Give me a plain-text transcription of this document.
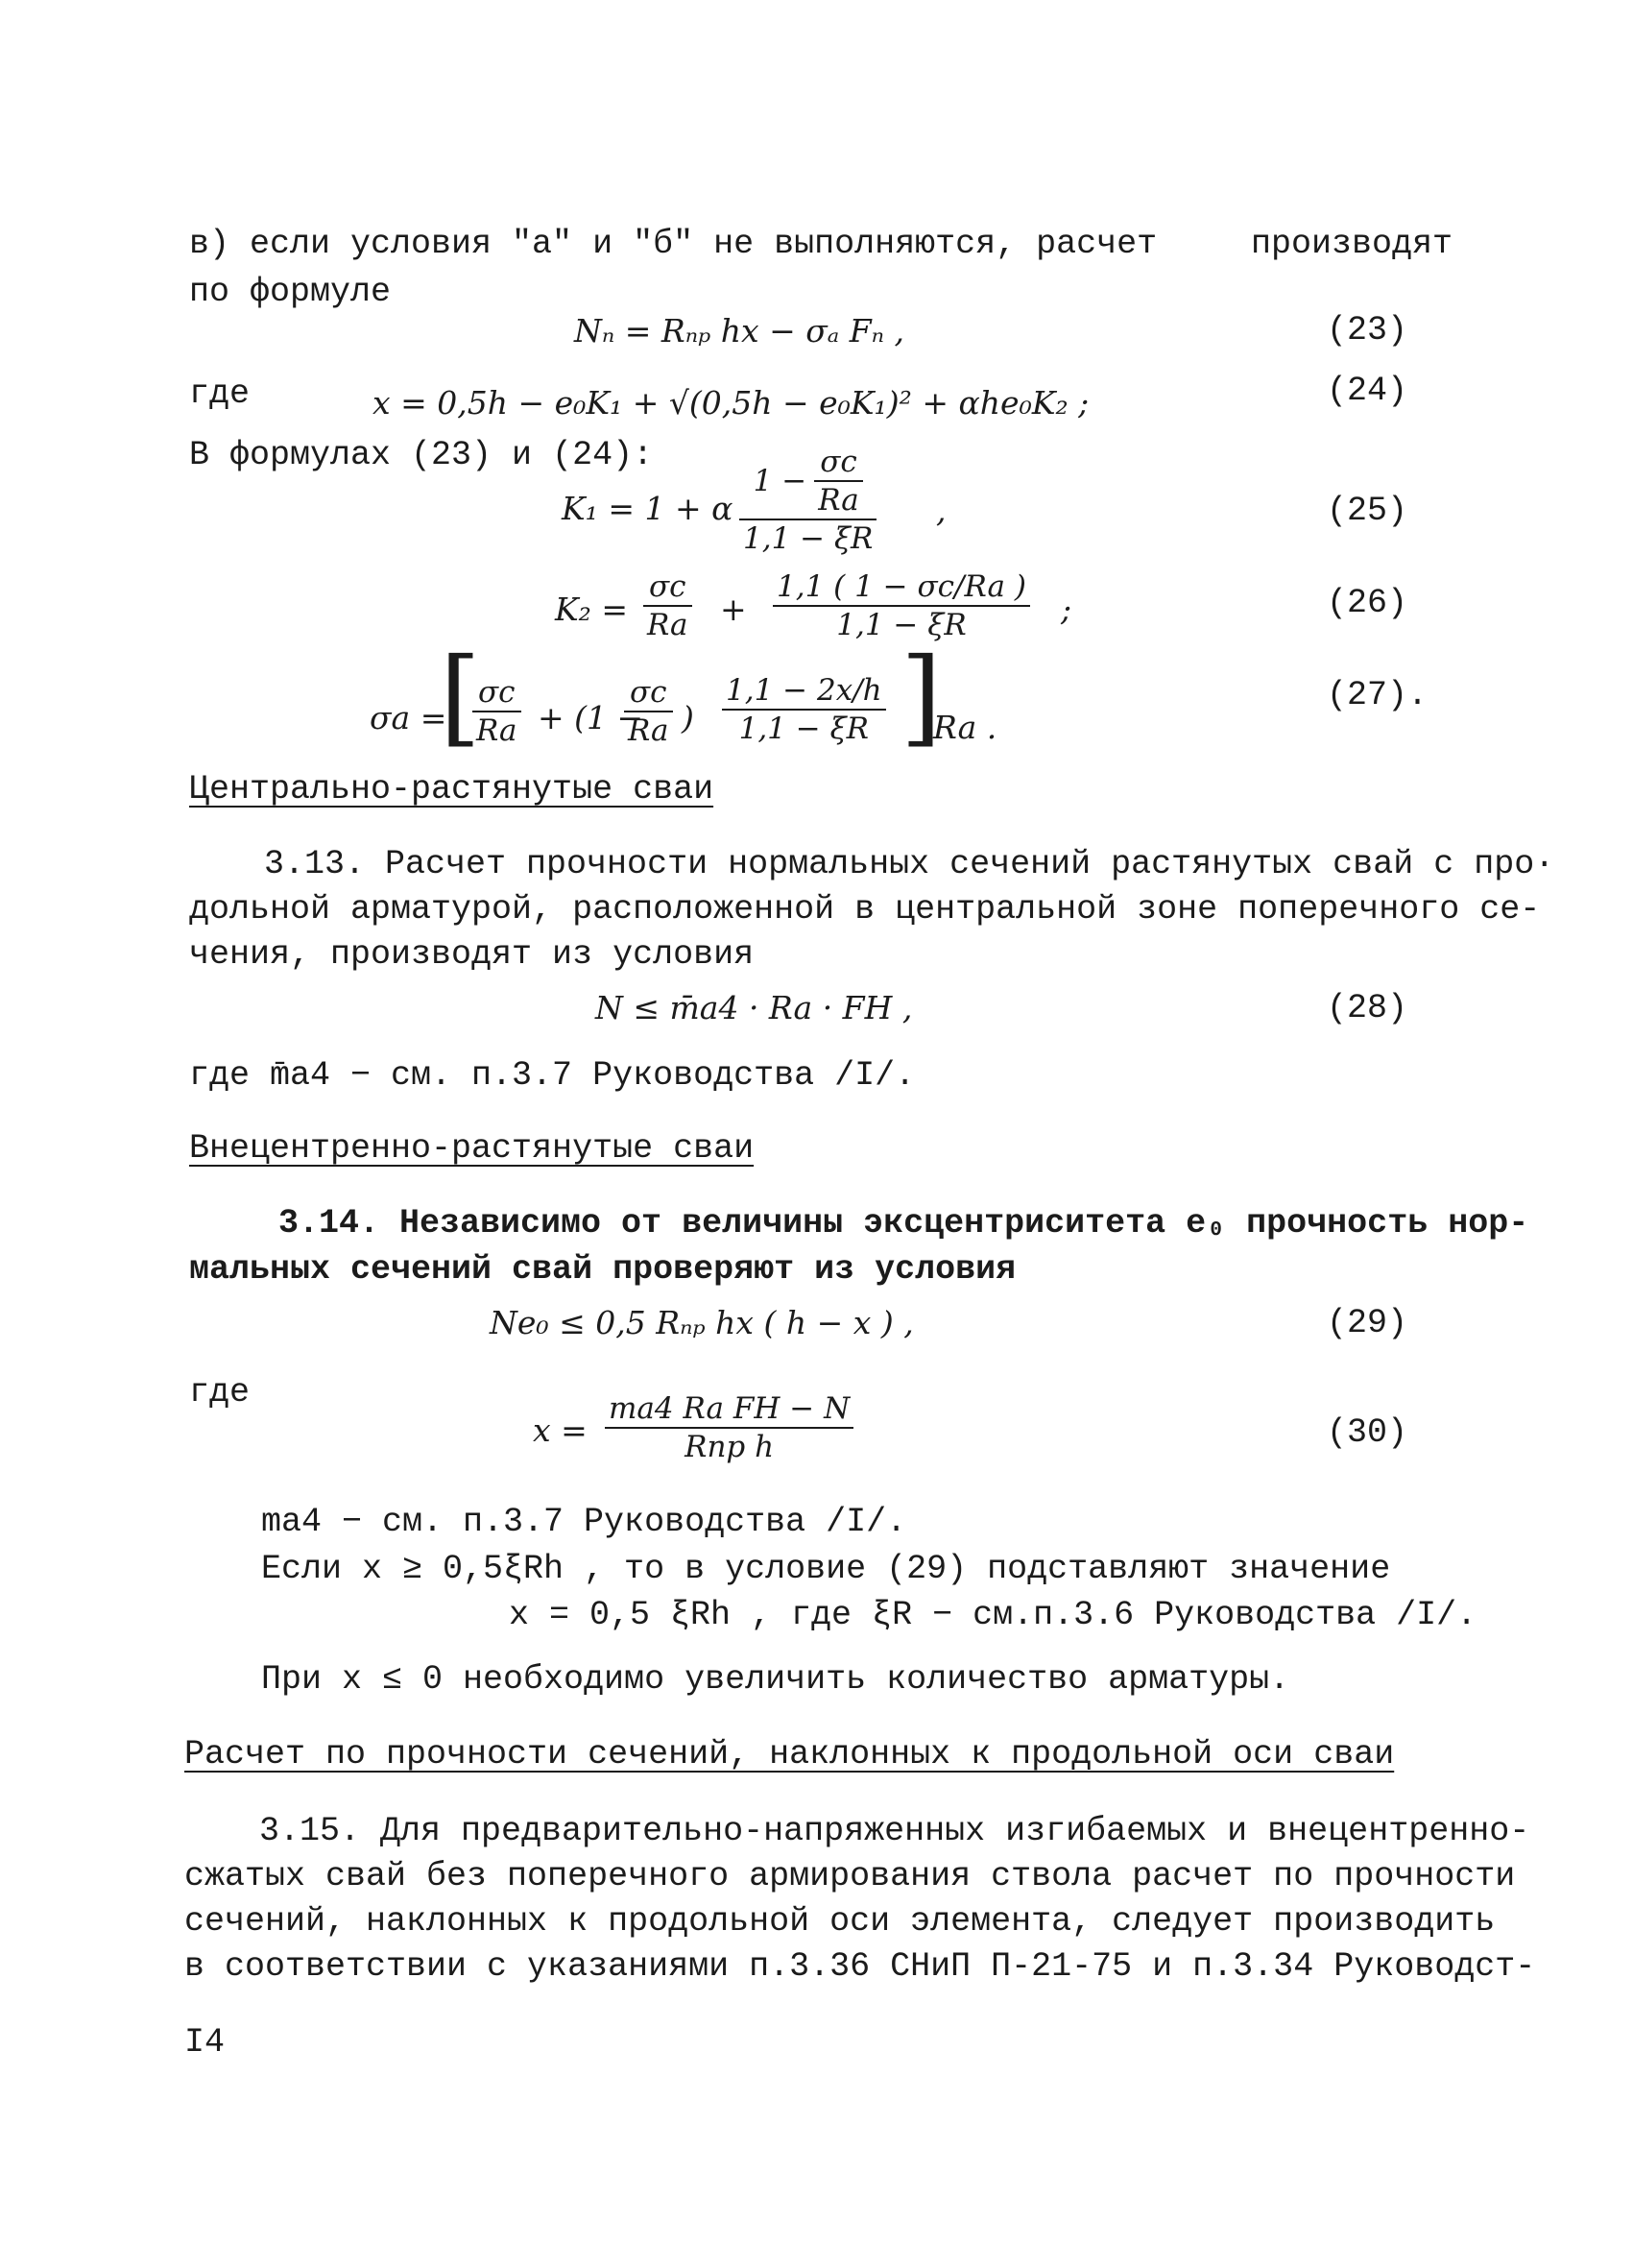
в) если условия "а" и "б" не выполняются, расчет	производят
по формуле
Nₙ = Rₙₚ hx − σₐ Fₙ ,	(23)
где	x = 0,5h − e₀K₁ + √(0,5h − e₀K₁)² + αhe₀K₂ ;	(24)
В формулах (23) и (24):
K₁ = 1 + α
$1 - \frac{\sigma c}{Ra}$
1,1 − ξR
,	(25)
K₂ =
σc
Ra +
1,1 ( 1 − σc/Ra )
1,1 − ξR	;	(26)
σa =
[
σc
Ra + (1 −
σc
Ra )
1,1 − 2x/h
1,1 − ξR ]
Ra .
(27).
Центрально-растянутые сваи
3.13. Расчет прочности нормальных сечений растянутых свай с про·
дольной арматурой, расположенной в центральной зоне поперечного се-
чения, производят из условия
N ≤ m̄a4 · Ra · FH ,	(28)
где m̄a4 − см. п.3.7 Руководства /I/.
Внецентренно-растянутые сваи
3.14. Независимо от величины эксцентриситета e₀ прочность нор-
мальных сечений свай проверяют из условия
Ne₀ ≤ 0,5 Rₙₚ hx ( h − x ) ,	(29)
где
x =
ma4 Ra FH − N
Rпр h	(30)
ma4 − см. п.3.7 Руководства /I/.
Если x ≥ 0,5ξRh , то в условие (29) подставляют значение
x = 0,5 ξRh , где ξR − см.п.3.6 Руководства /I/.
При x ≤ 0 необходимо увеличить количество арматуры.
Расчет по прочности сечений, наклонных к продольной оси сваи
3.15. Для предварительно-напряженных изгибаемых и внецентренно-
сжатых свай без поперечного армирования ствола расчет по прочности
сечений, наклонных к продольной оси элемента, следует производить
в соответствии с указаниями п.3.36 СНиП П-21-75 и п.3.34 Руководст-
I4
